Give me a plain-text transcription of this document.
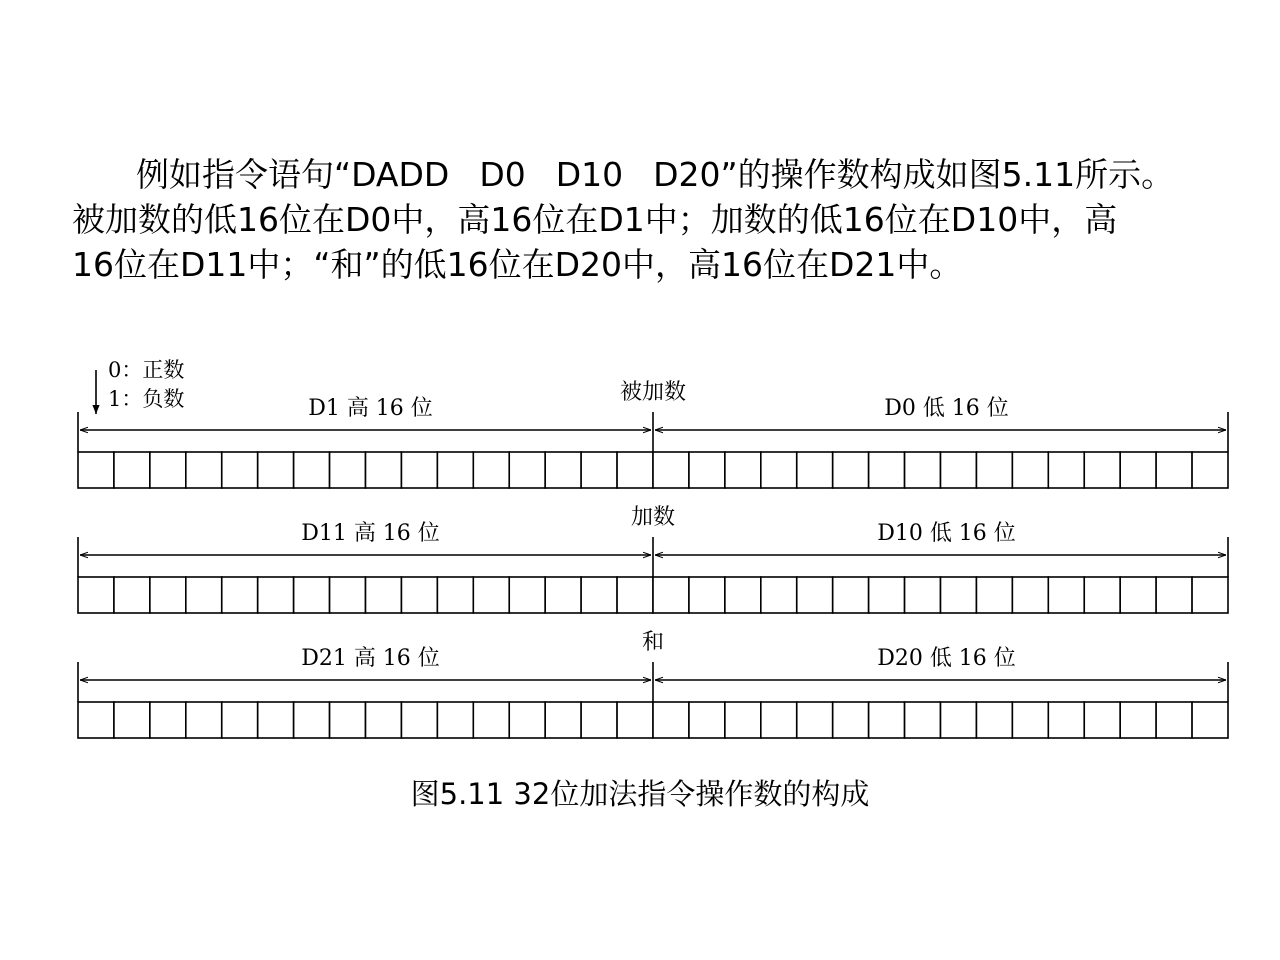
例如指令语句“DADD D0 D10 D20”的操作数构成如图5.11所示。
被加数的低16位在D0中，高16位在D1中；加数的低16位在D10中，高
16位在D11中；“和”的低16位在D20中，高16位在D21中。
0：正数
1：负数	被加数
D1 高 16 位	D0 低 16 位
加数
D11 高 16 位	D10 低 16 位
和
D21 高 16 位	D20 低 16 位
图5.11 32位加法指令操作数的构成
